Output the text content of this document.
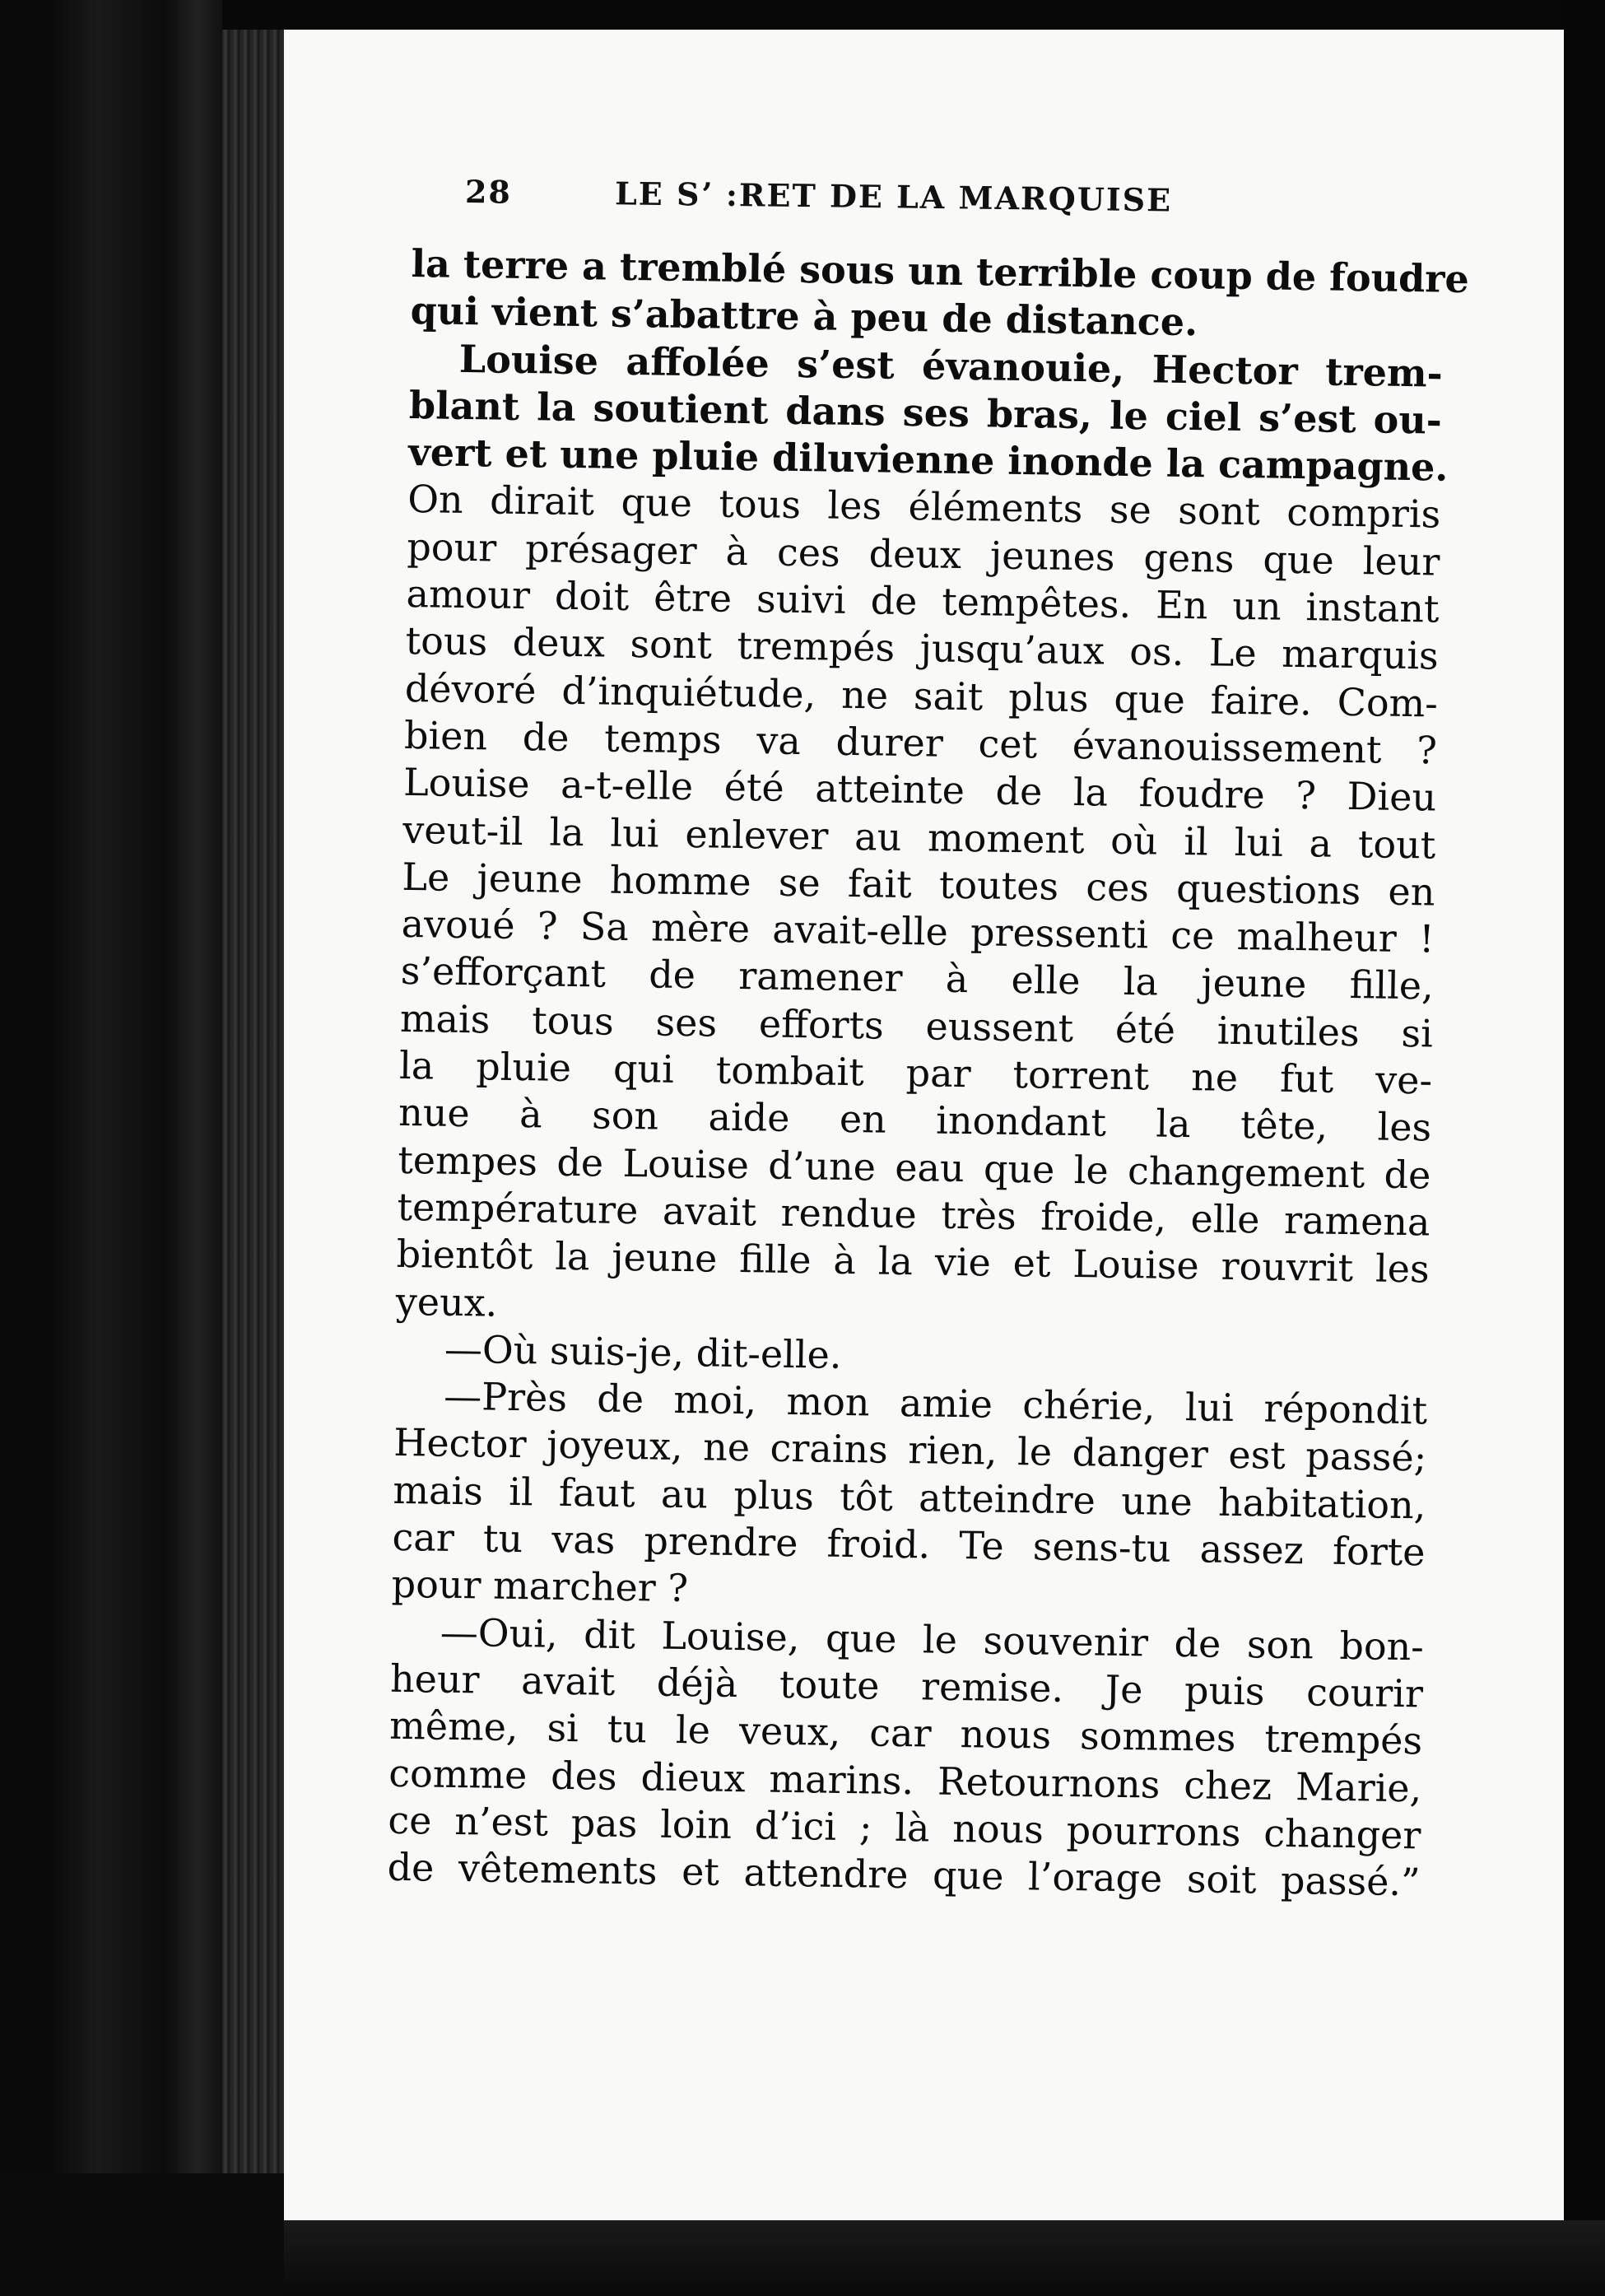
28	LE Sʼ :RET DE LA MARQUISE
la terre a tremblé sous un terrible coup de foudre
qui vient s’abattre à peu de distance.
Louise affolée s’est évanouie, Hector trem-
blant la soutient dans ses bras, le ciel s’est ou-
vert et une pluie diluvienne inonde la campagne.
On dirait que tous les éléments se sont compris
pour présager à ces deux jeunes gens que leur
amour doit être suivi de tempêtes. En un instant
tous deux sont trempés jusqu’aux os. Le marquis
dévoré d’inquiétude, ne sait plus que faire. Com-
bien de temps va durer cet évanouissement ?
Louise a-t-elle été atteinte de la foudre ? Dieu
veut-il la lui enlever au moment où il lui a tout
Le jeune homme se fait toutes ces questions en
avoué ? Sa mère avait-elle pressenti ce malheur !
s’efforçant de ramener à elle la jeune fille,
mais tous ses efforts eussent été inutiles si
la pluie qui tombait par torrent ne fut ve-
nue à son aide en inondant la tête, les
tempes de Louise d’une eau que le changement de
température avait rendue très froide, elle ramena
bientôt la jeune fille à la vie et Louise rouvrit les
yeux.
—Où suis-je, dit-elle.
—Près de moi, mon amie chérie, lui répondit
Hector joyeux, ne crains rien, le danger est passé;
mais il faut au plus tôt atteindre une habitation,
car tu vas prendre froid. Te sens-tu assez forte
pour marcher ?
—Oui, dit Louise, que le souvenir de son bon-
heur avait déjà toute remise. Je puis courir
même, si tu le veux, car nous sommes trempés
comme des dieux marins. Retournons chez Marie,
ce n’est pas loin d’ici ; là nous pourrons changer
de vêtements et attendre que l’orage soit passé.”
